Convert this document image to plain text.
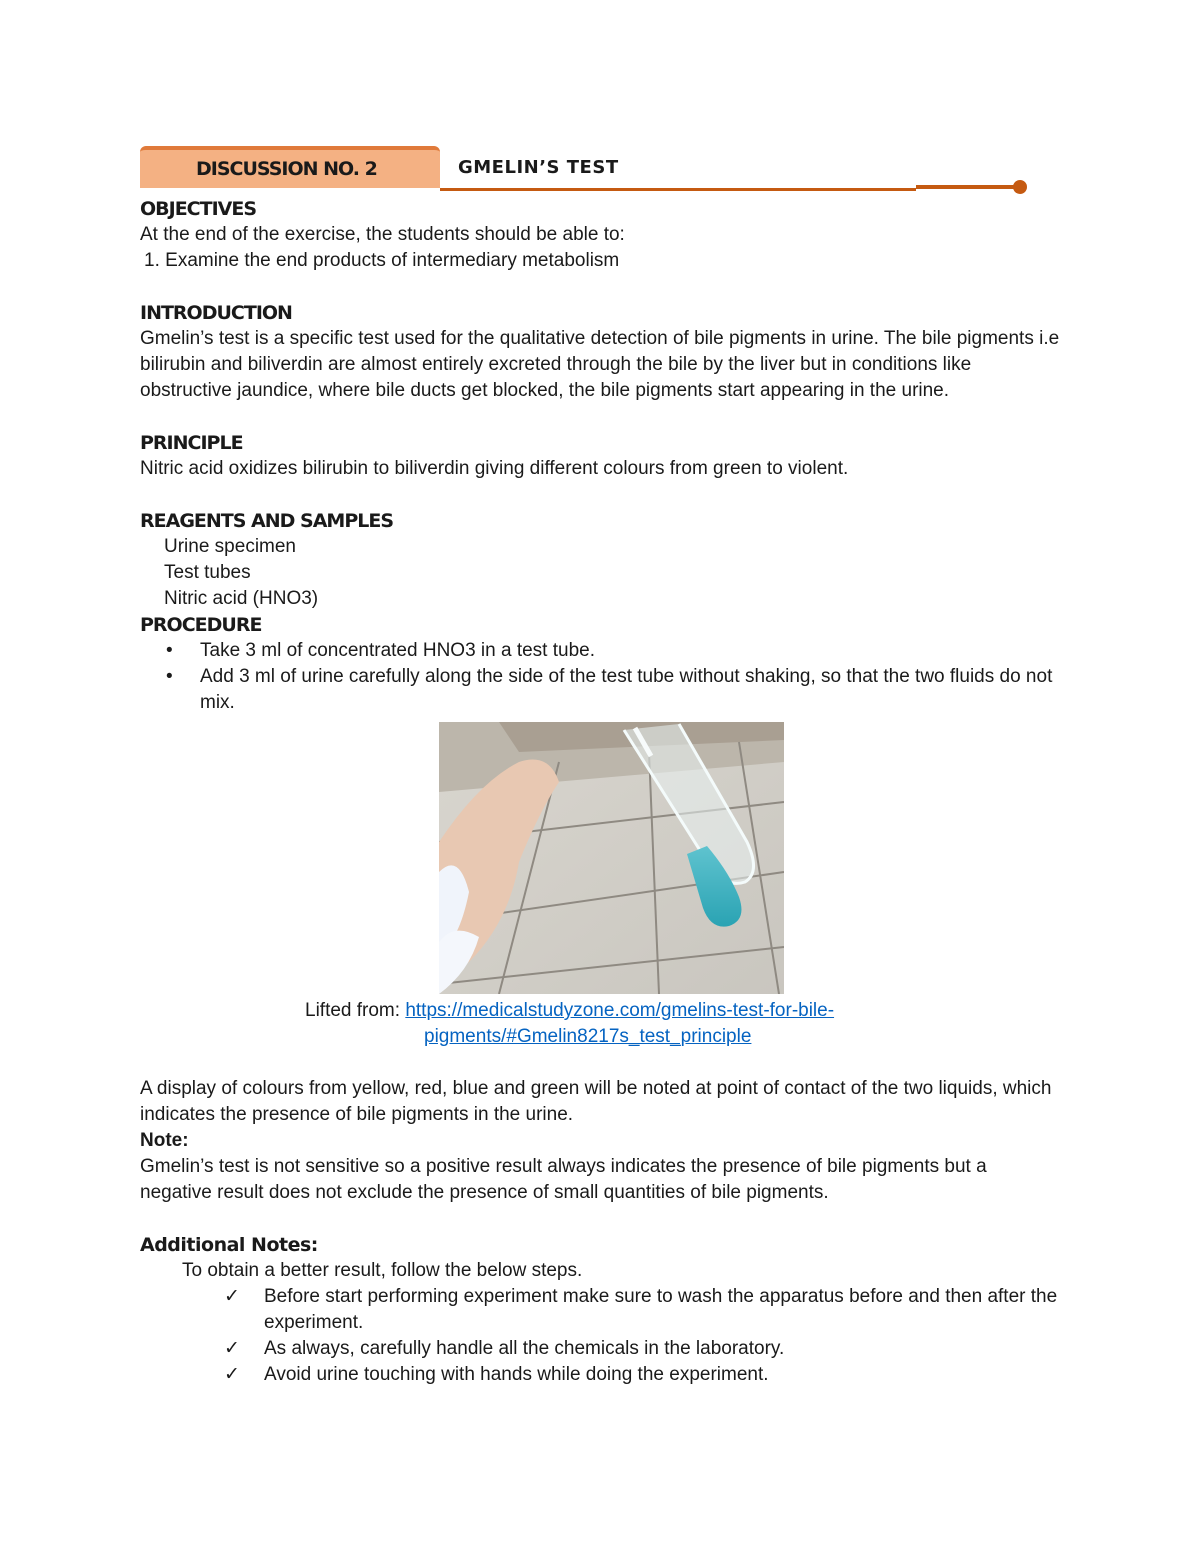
DISCUSSION NO. 2	GMELIN’S TEST
OBJECTIVES

At the end of the exercise, the students should be able to:

1. Examine the end products of intermediary metabolism

INTRODUCTION

Gmelin’s test is a specific test used for the qualitative detection of bile pigments in urine. The bile pigments i.e bilirubin and biliverdin are almost entirely excreted through the bile by the liver but in conditions like obstructive jaundice, where bile ducts get blocked, the bile pigments start appearing in the urine.

PRINCIPLE

Nitric acid oxidizes bilirubin to biliverdin giving different colours from green to violent.

REAGENTS AND SAMPLES

Urine specimen

Test tubes

Nitric acid (HNO3)

PROCEDURE
• Take 3 ml of concentrated HNO3 in a test tube.
• Add 3 ml of urine carefully along the side of the test tube without shaking, so that the two fluids do not mix.

Lifted from: https://medicalstudyzone.com/gmelins-test-for-bile-
pigments/#Gmelin8217s_test_principle

A display of colours from yellow, red, blue and green will be noted at point of contact of the two liquids, which indicates the presence of bile pigments in the urine.

Note:

Gmelin’s test is not sensitive so a positive result always indicates the presence of bile pigments but a negative result does not exclude the presence of small quantities of bile pigments.

Additional Notes:

To obtain a better result, follow the below steps.

✓ Before start performing experiment make sure to wash the apparatus before and then after the experiment.
✓ As always, carefully handle all the chemicals in the laboratory.
✓ Avoid urine touching with hands while doing the experiment.
